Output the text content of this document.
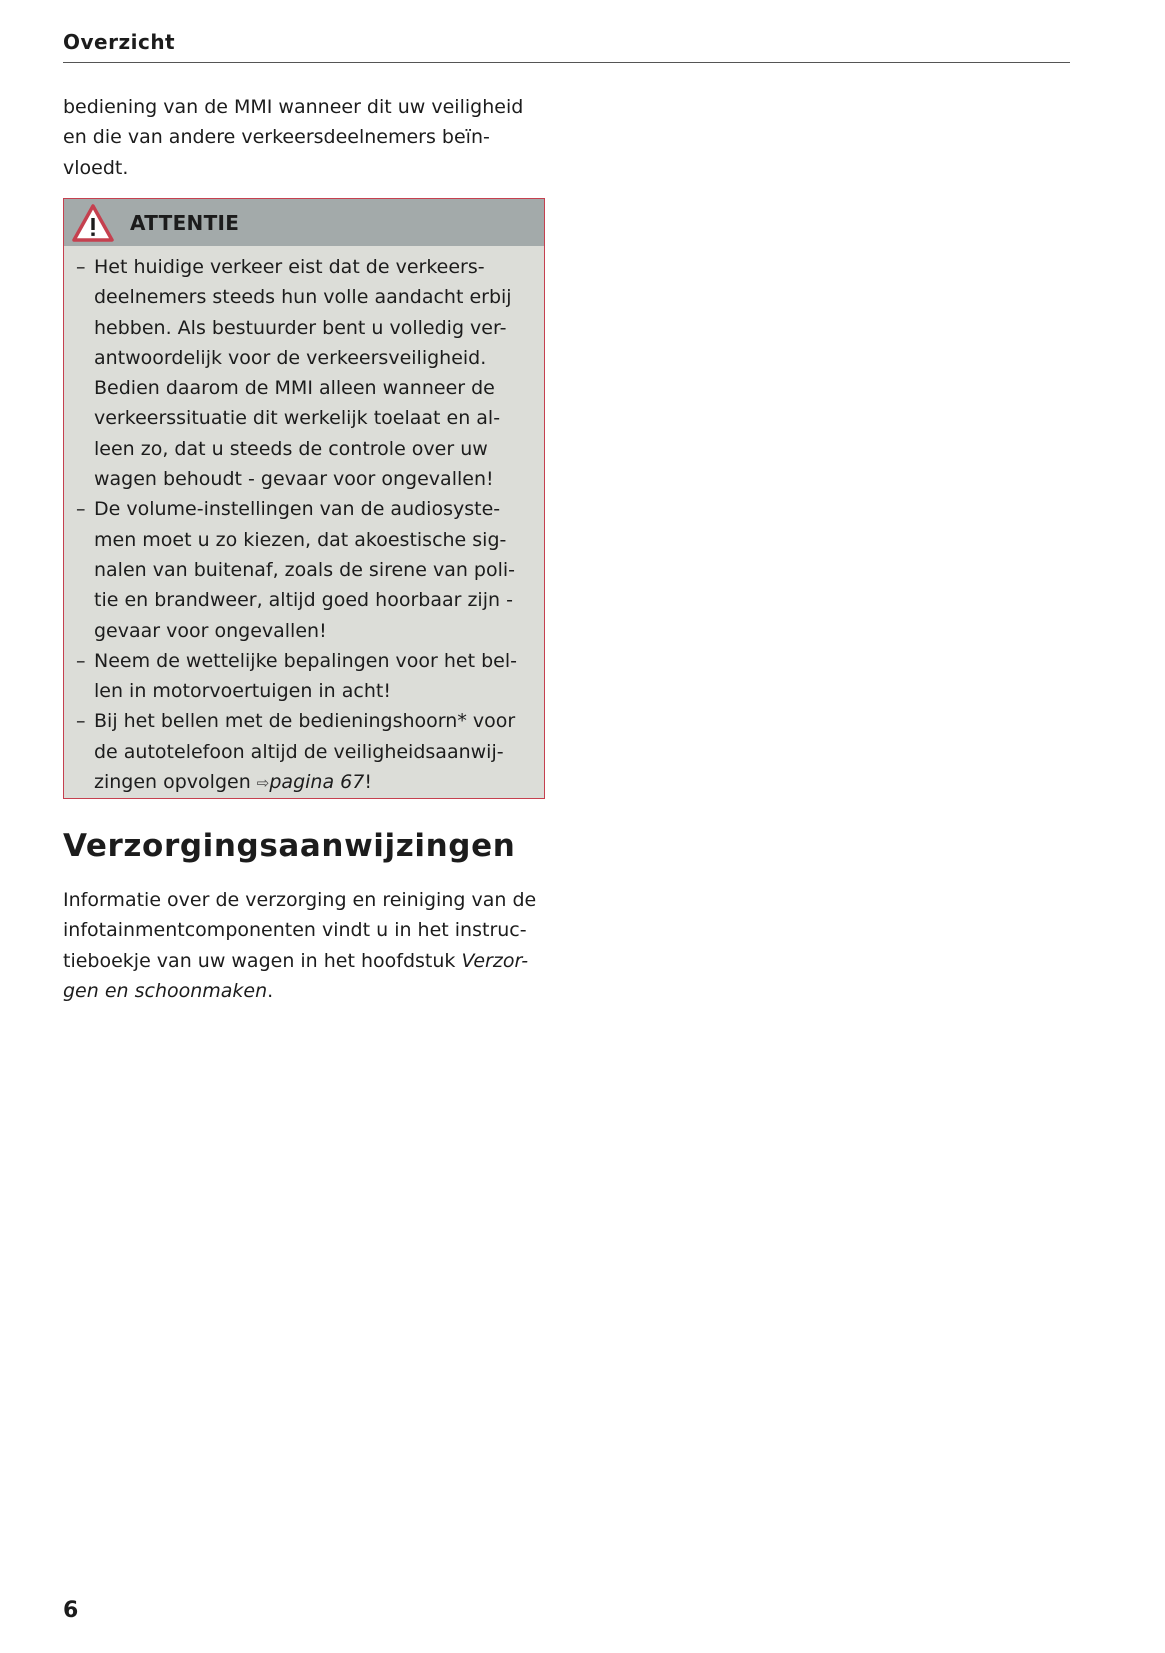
Overzicht
bediening van de MMI wanneer dit uw veiligheid
en die van andere verkeersdeelnemers beïn-
vloedt.
ATTENTIE
– Het huidige verkeer eist dat de verkeers-
deelnemers steeds hun volle aandacht erbij
hebben. Als bestuurder bent u volledig ver-
antwoordelijk voor de verkeersveiligheid.
Bedien daarom de MMI alleen wanneer de
verkeerssituatie dit werkelijk toelaat en al-
leen zo, dat u steeds de controle over uw
wagen behoudt - gevaar voor ongevallen!
– De volume-instellingen van de audiosyste-
men moet u zo kiezen, dat akoestische sig-
nalen van buitenaf, zoals de sirene van poli-
tie en brandweer, altijd goed hoorbaar zijn -
gevaar voor ongevallen!
– Neem de wettelijke bepalingen voor het bel-
len in motorvoertuigen in acht!
– Bij het bellen met de bedieningshoorn* voor
de autotelefoon altijd de veiligheidsaanwij-
zingen opvolgen ⇨pagina 67!
Verzorgingsaanwijzingen
Informatie over de verzorging en reiniging van de
infotainmentcomponenten vindt u in het instruc-
tieboekje van uw wagen in het hoofdstuk Verzor-
gen en schoonmaken.
6
